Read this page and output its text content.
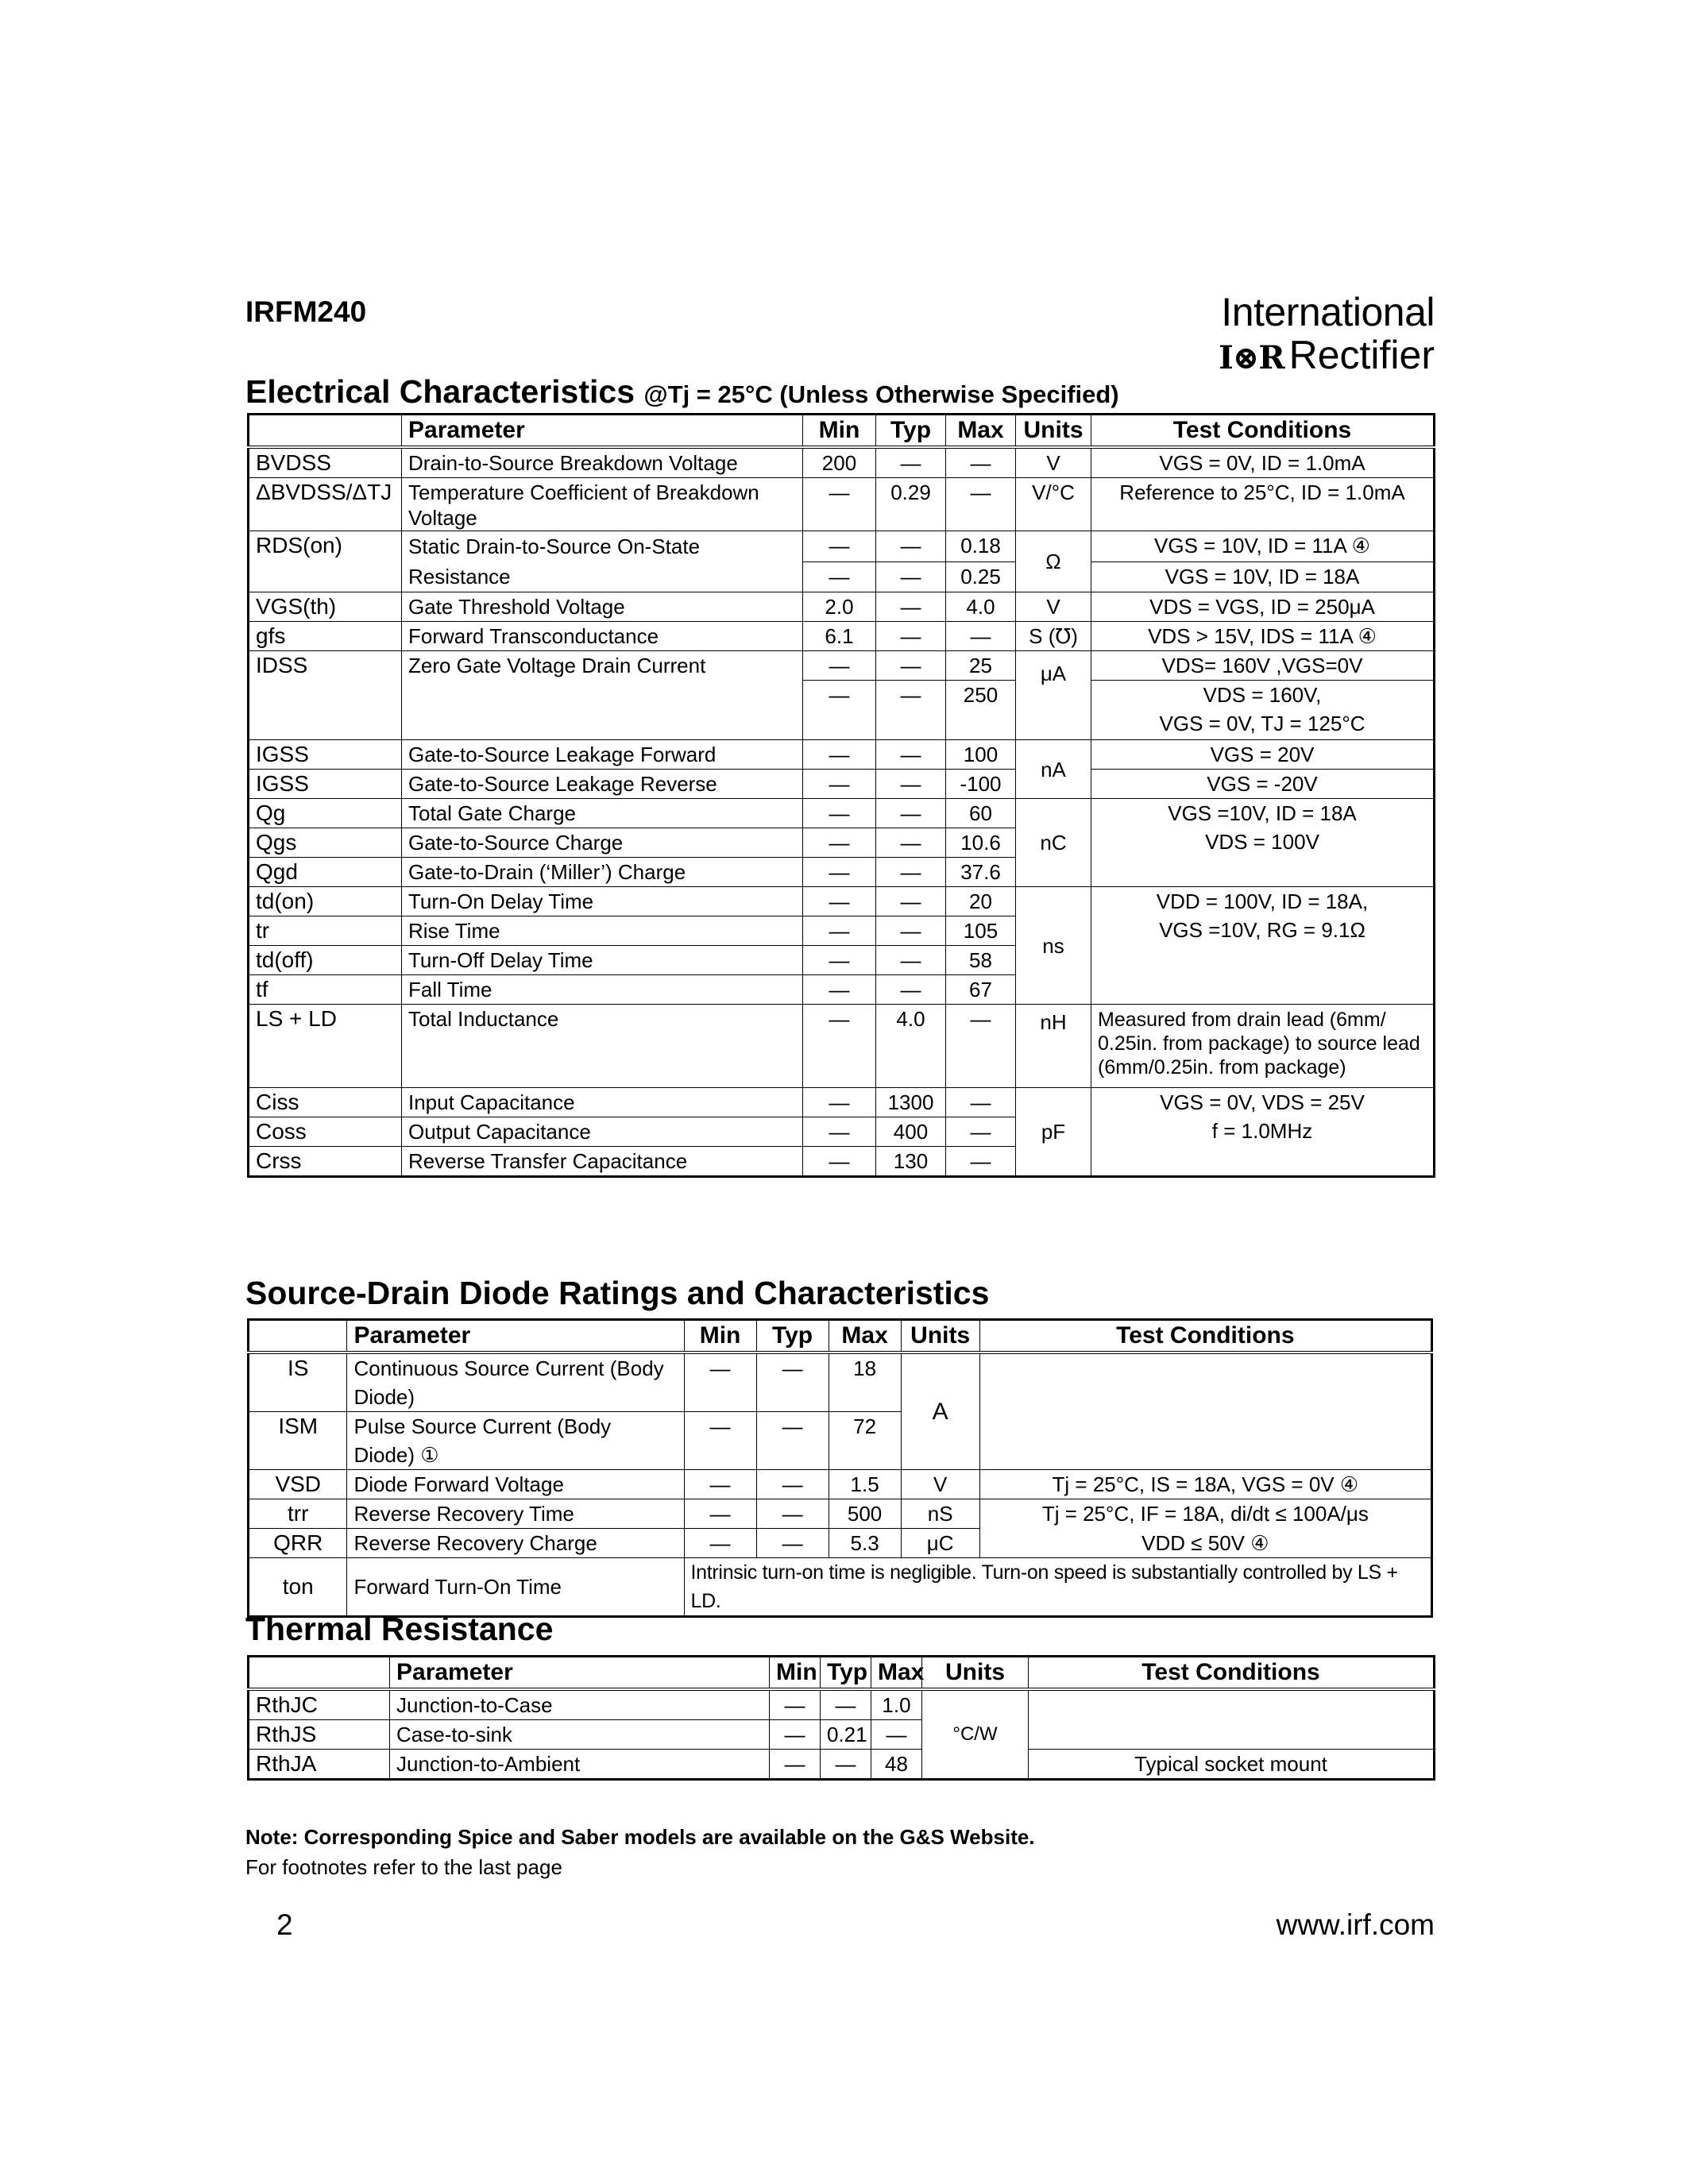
IRFM240	International
I⊗R Rectifier
Electrical Characteristics @Tj = 25°C (Unless Otherwise Specified)
	Parameter	Min	Typ	Max	Units	Test Conditions
BVDSS	Drain-to-Source Breakdown Voltage	200	—	—	V	VGS = 0V, ID = 1.0mA
ΔBVDSS/ΔTJ	Temperature Coefficient of Breakdown Voltage	—	0.29	—	V/°C	Reference to 25°C, ID = 1.0mA
RDS(on)	Static Drain-to-Source On-State Resistance	—	—	0.18	Ω	VGS = 10V, ID = 11A ④
		—	—	0.25		VGS = 10V, ID = 18A
VGS(th)	Gate Threshold Voltage	2.0	—	4.0	V	VDS = VGS, ID = 250μA
gfs	Forward Transconductance	6.1	—	—	S (℧)	VDS > 15V, IDS = 11A ④
IDSS	Zero Gate Voltage Drain Current	—	—	25	μA	VDS= 160V ,VGS=0V
		—	—	250		VDS = 160V,
VGS = 0V, TJ = 125°C

IGSS	Gate-to-Source Leakage Forward	—	—	100	nA	VGS = 20V
IGSS	Gate-to-Source Leakage Reverse	—	—	-100		VGS = -20V
Qg	Total Gate Charge	—	—	60	nC	VGS =10V, ID = 18A
VDS = 100V

Qgs	Gate-to-Source Charge	—	—	10.6		
Qgd	Gate-to-Drain (‘Miller’) Charge	—	—	37.6		
td(on)	Turn-On Delay Time	—	—	20	ns	VDD = 100V, ID = 18A,
VGS =10V, RG = 9.1Ω

tr	Rise Time	—	—	105		
td(off)	Turn-Off Delay Time	—	—	58		
tf	Fall Time	—	—	67		
LS + LD	Total Inductance	—	4.0	—	nH	Measured from drain lead (6mm/ 0.25in. from package) to source lead (6mm/0.25in. from package)
Ciss	Input Capacitance	—	1300	—	pF	VGS = 0V, VDS = 25V
f = 1.0MHz

Coss	Output Capacitance	—	400	—		
Crss	Reverse Transfer Capacitance	—	130	—		
Source-Drain Diode Ratings and Characteristics
	Parameter	Min	Typ	Max	Units	Test Conditions
IS	Continuous Source Current (Body Diode)	—	—	18	A	
ISM	Pulse Source Current (Body Diode) ①	—	—	72		
VSD	Diode Forward Voltage	—	—	1.5	V	Tj = 25°C, IS = 18A, VGS = 0V ④
trr	Reverse Recovery Time	—	—	500	nS	Tj = 25°C, IF = 18A, di/dt ≤ 100A/μs
QRR	Reverse Recovery Charge	—	—	5.3	μC	VDD ≤ 50V ④
ton	Forward Turn-On Time	Intrinsic turn-on time is negligible. Turn-on speed is substantially controlled by LS + LD.				
Thermal Resistance
	Parameter	Min	Typ	Max	Units	Test Conditions
RthJC	Junction-to-Case	—	—	1.0	°C/W	
RthJS	Case-to-sink	—	0.21	—		
RthJA	Junction-to-Ambient	—	—	48		Typical socket mount
Note: Corresponding Spice and Saber models are available on the G&S Website.
For footnotes refer to the last page
2	www.irf.com
